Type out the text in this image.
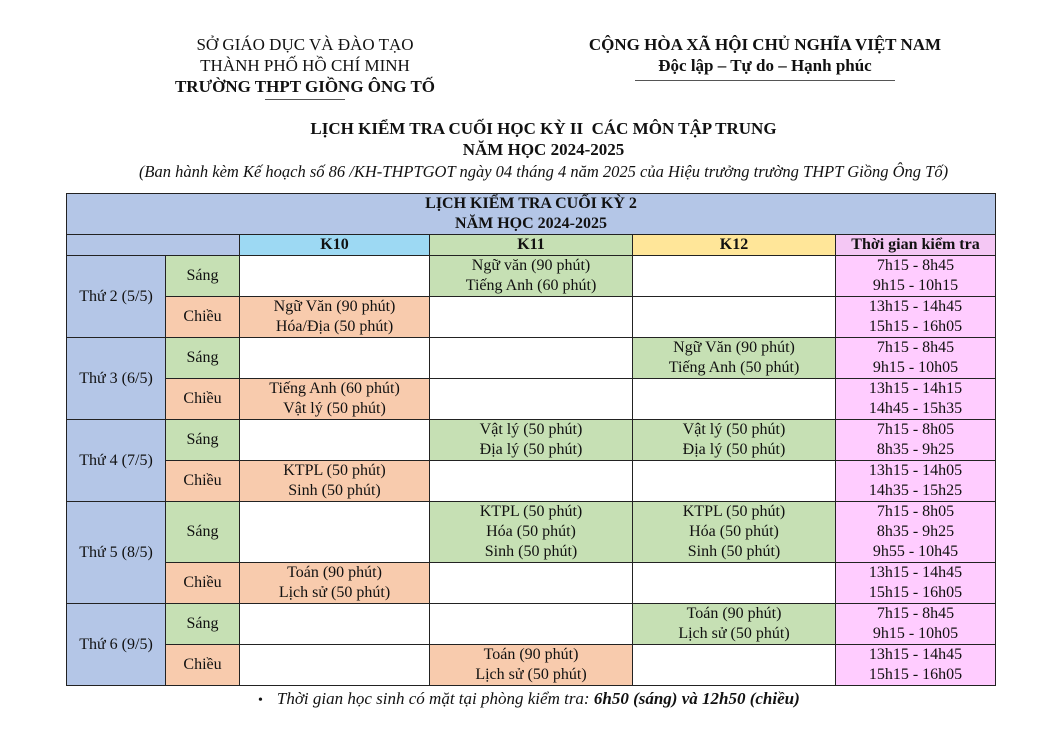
SỞ GIÁO DỤC VÀ ĐÀO TẠO
THÀNH PHỐ HỒ CHÍ MINH
TRƯỜNG THPT GIỒNG ÔNG TỐ
CỘNG HÒA XÃ HỘI CHỦ NGHĨA VIỆT NAM
Độc lập – Tự do – Hạnh phúc
LỊCH KIỂM TRA CUỐI HỌC KỲ II  CÁC MÔN TẬP TRUNG
NĂM HỌC 2024-2025
(Ban hành kèm Kế hoạch số 86 /KH-THPTGOT ngày 04 tháng 4 năm 2025 của Hiệu trưởng trường THPT Giồng Ông Tố)
LỊCH KIỂM TRA CUỐI KỲ 2
NĂM HỌC 2024-2025					

		K10	K11	K12	Thời gian kiểm tra
Thứ 2 (5/5)	Sáng		Ngữ văn (90 phút)
Tiếng Anh (60 phút)		7h15 - 8h45
9h15 - 10h15

	Chiều	Ngữ Văn (90 phút)
Hóa/Địa (50 phút)			13h15 - 14h45
15h15 - 16h05

Thứ 3 (6/5)	Sáng			Ngữ Văn (90 phút)
Tiếng Anh (50 phút)	7h15 - 8h45
9h15 - 10h05

	Chiều	Tiếng Anh (60 phút)
Vật lý (50 phút)			13h15 - 14h15
14h45 - 15h35

Thứ 4 (7/5)	Sáng		Vật lý (50 phút)
Địa lý (50 phút)	Vật lý (50 phút)
Địa lý (50 phút)	7h15 - 8h05
8h35 - 9h25

	Chiều	KTPL (50 phút)
Sinh (50 phút)			13h15 - 14h05
14h35 - 15h25

Thứ 5 (8/5)	Sáng		KTPL (50 phút)
Hóa (50 phút)
Sinh (50 phút)	KTPL (50 phút)
Hóa (50 phút)
Sinh (50 phút)	7h15 - 8h05
8h35 - 9h25
9h55 - 10h45

	Chiều	Toán (90 phút)
Lịch sử (50 phút)			13h15 - 14h45
15h15 - 16h05

Thứ 6 (9/5)	Sáng			Toán (90 phút)
Lịch sử (50 phút)	7h15 - 8h45
9h15 - 10h05

	Chiều		Toán (90 phút)
Lịch sử (50 phút)		13h15 - 14h45
15h15 - 16h05
• Thời gian học sinh có mặt tại phòng kiểm tra: 6h50 (sáng) và 12h50 (chiều)
